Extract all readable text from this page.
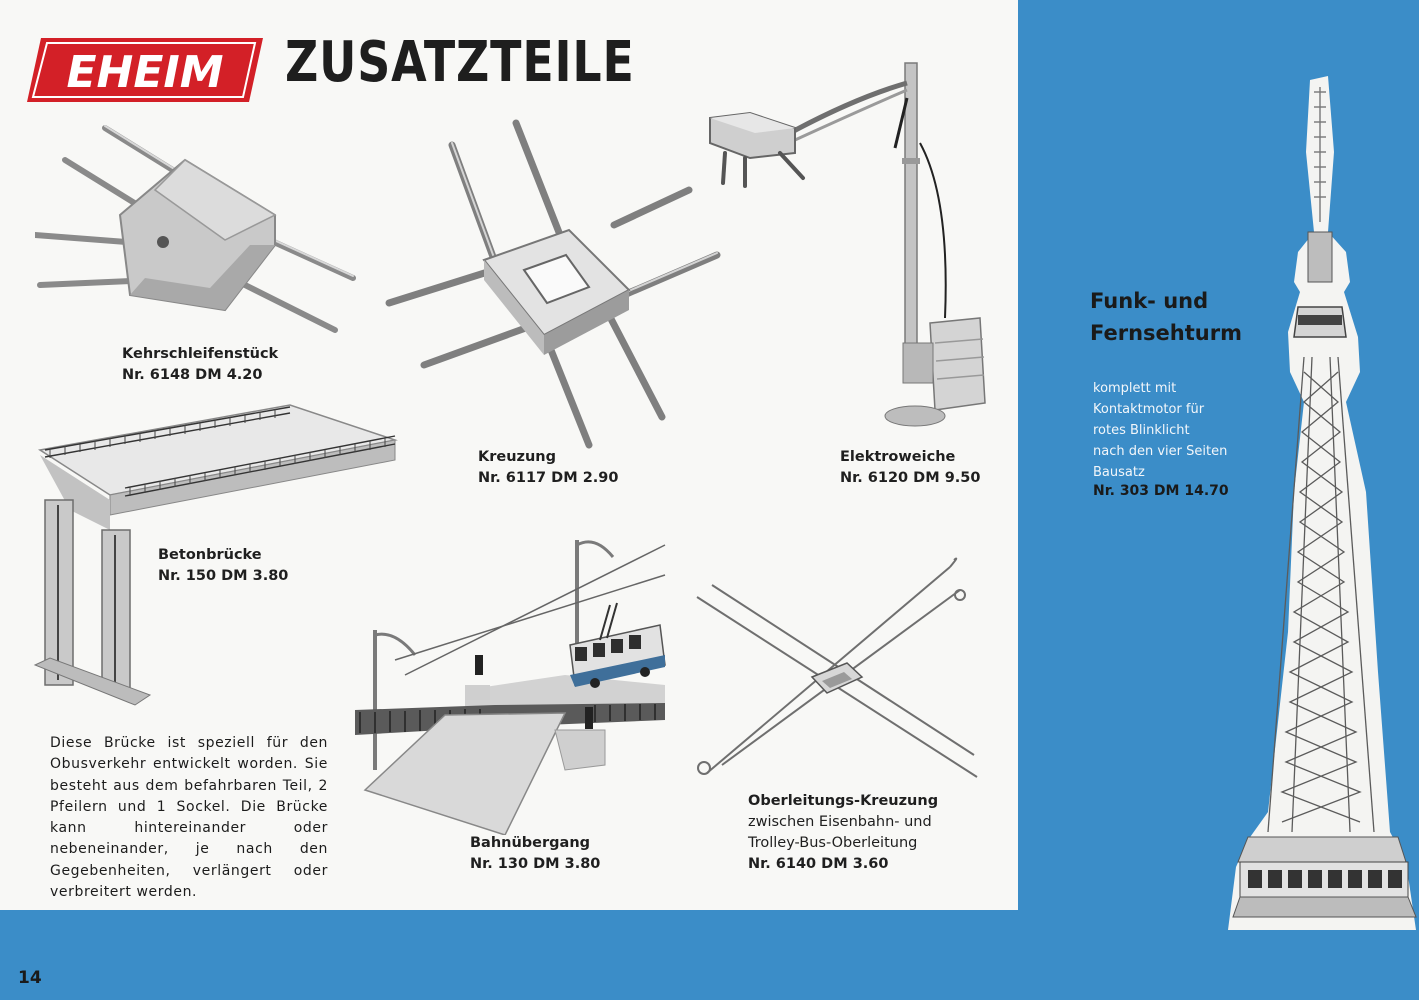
EHEIM ZUSATZTEILE
Kehrschleifenstück
Nr. 6148 DM 4.20
Kreuzung
Nr. 6117 DM 2.90
Elektroweiche
Nr. 6120 DM 9.50
Betonbrücke
Nr. 150 DM 3.80
Bahnübergang
Nr. 130 DM 3.80
Oberleitungs-Kreuzung
zwischen Eisenbahn- und
Trolley-Bus-Oberleitung
Nr. 6140 DM 3.60
Diese Brücke ist speziell für den Obusverkehr entwickelt worden. Sie besteht aus dem befahrbaren Teil, 2 Pfeilern und 1 Sockel. Die Brücke kann hintereinander oder nebeneinander, je nach den Gegebenheiten, verlängert oder verbreitert werden.
Funk- und
Fernsehturm
komplett mit
Kontaktmotor für
rotes Blinklicht
nach den vier Seiten
Bausatz
Nr. 303 DM 14.70
14
